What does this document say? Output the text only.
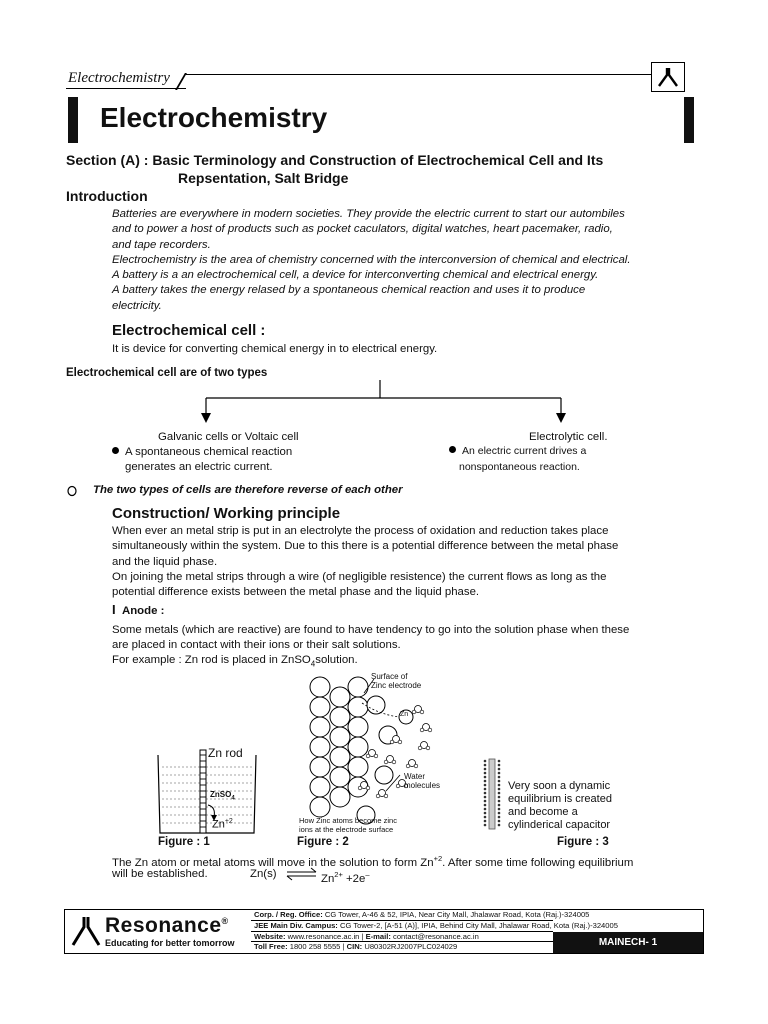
Electrochemistry
Electrochemistry
Section (A) : Basic Terminology and Construction of Electrochemical Cell and Its
Repsentation, Salt Bridge
Introduction
Batteries are everywhere in modern societies. They provide the electric current to start our autombiles
and to power a host of products such as pocket caculators, digital watches, heart pacemaker, radio,
and tape recorders.
Electrochemistry is the area of chemistry concerned with the interconversion of chemical and electrical.
A battery is a an electrochemical cell, a device for interconverting chemical and electrical energy.
A battery takes the energy relased by a spontaneous chemical reaction and uses it to produce
electricity.
Electrochemical cell :
It is device for converting chemical energy in to electrical energy.
Electrochemical cell are of two types
Galvanic cells or Voltaic cell
A spontaneous chemical reaction
generates an electric current.
Electrolytic cell.
An electric current drives a
nonspontaneous reaction.
The two types of cells are therefore reverse of each other
Construction/ Working principle
When ever an metal strip is put in an electrolyte the process of oxidation and reduction takes place
simultaneously within the system. Due to this there is a potential difference between the metal phase
and the liquid phase.
On joining the metal strips through a wire (of negligible resistence) the current flows as long as the
potential difference exists between the metal phase and the liquid phase.
I Anode :
Some metals (which are reactive) are found to have tendency to go into the solution phase when these
are placed in contact with their ions or their salt solutions.
For example : Zn rod is placed in ZnSO$_4$solution.
Zn rod
ZnSO$_4$
$Zn^{+2}$
Figure : 1
Surface of
Zinc electrode
Zn
Water
molecules
How Zinc atoms become zinc
ions at the electrode surface
Figure : 2
Very soon a dynamic
equilibrium is created
and become a
cylinderical capacitor
Figure : 3
The Zn atom or metal atoms will move in the solution to form $Zn^{+2}$. After some time following equilibrium
will be established.	Zn(s) ⇌ $Zn^{2+} +2e^-$
Resonance®
Educating for better tomorrow
Corp. / Reg. Office: CG Tower, A-46 & 52, IPIA, Near City Mall, Jhalawar Road, Kota (Raj.)-324005
JEE Main Div. Campus: CG Tower-2, [A-51 (A)], IPIA, Behind City Mall, Jhalawar Road, Kota (Raj.)-324005
Website: www.resonance.ac.in | E-mail: contact@resonance.ac.in
Toll Free: 1800 258 5555 | CIN: U80302RJ2007PLC024029	MAINECH- 1
